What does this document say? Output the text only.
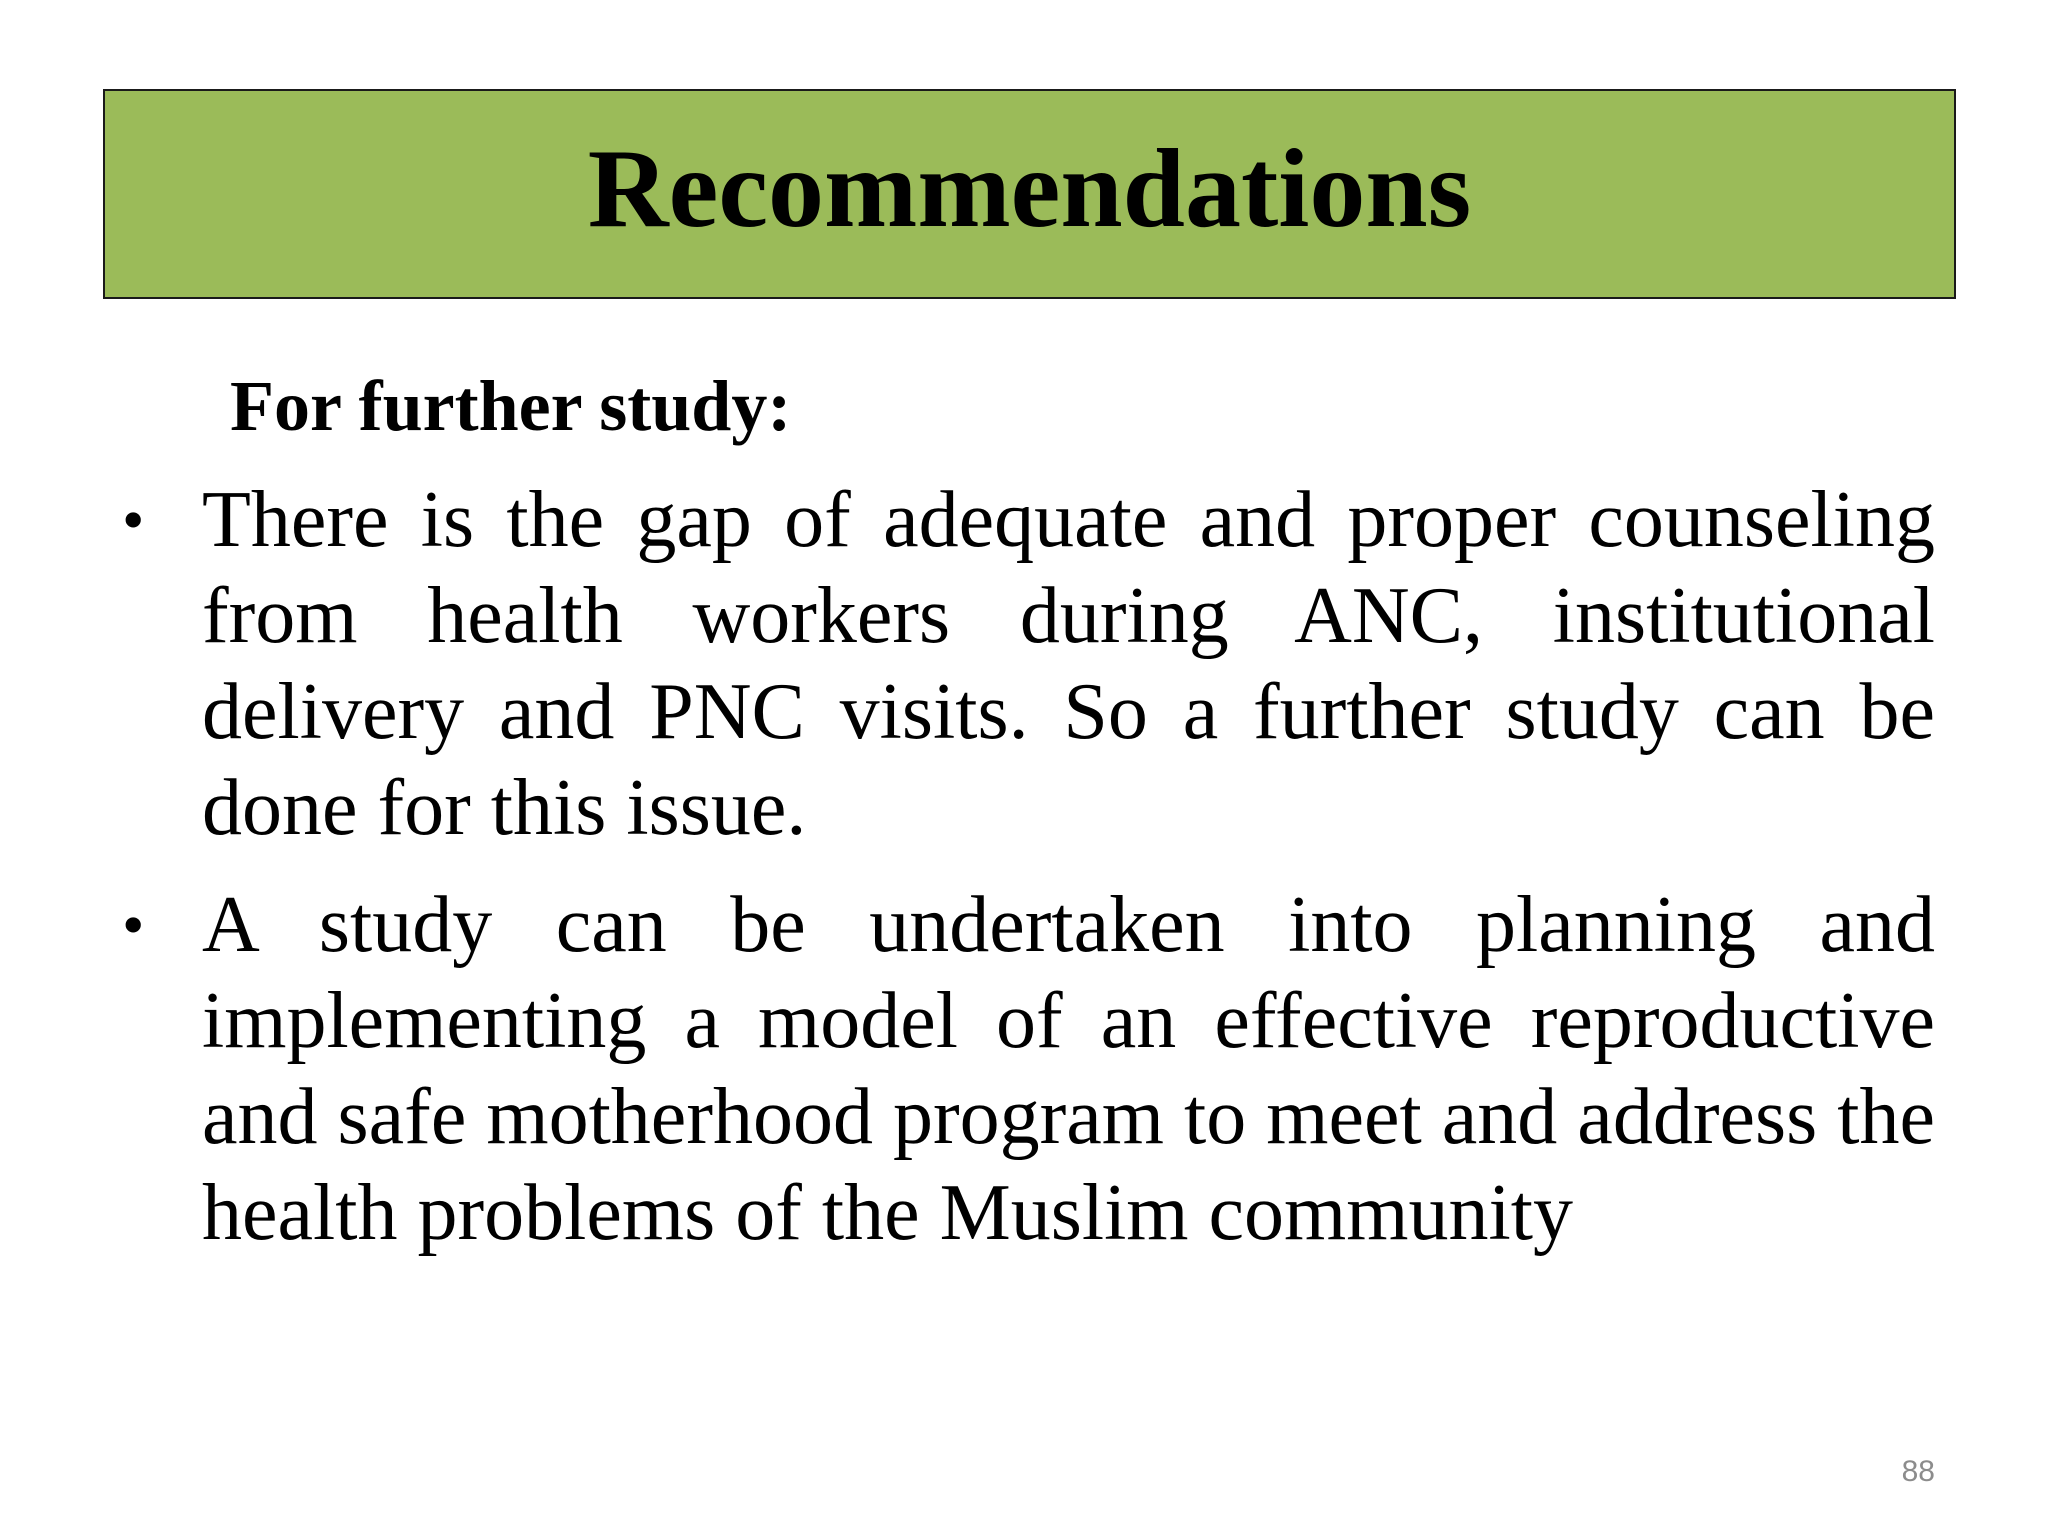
Recommendations
For further study:
• There is the gap of adequate and proper counseling from health workers during ANC, institutional delivery and PNC visits. So a further study can be done for this issue.
• A study can be undertaken into planning and implementing a model of an effective reproductive and safe motherhood program to meet and address the health problems of the Muslim community
88
